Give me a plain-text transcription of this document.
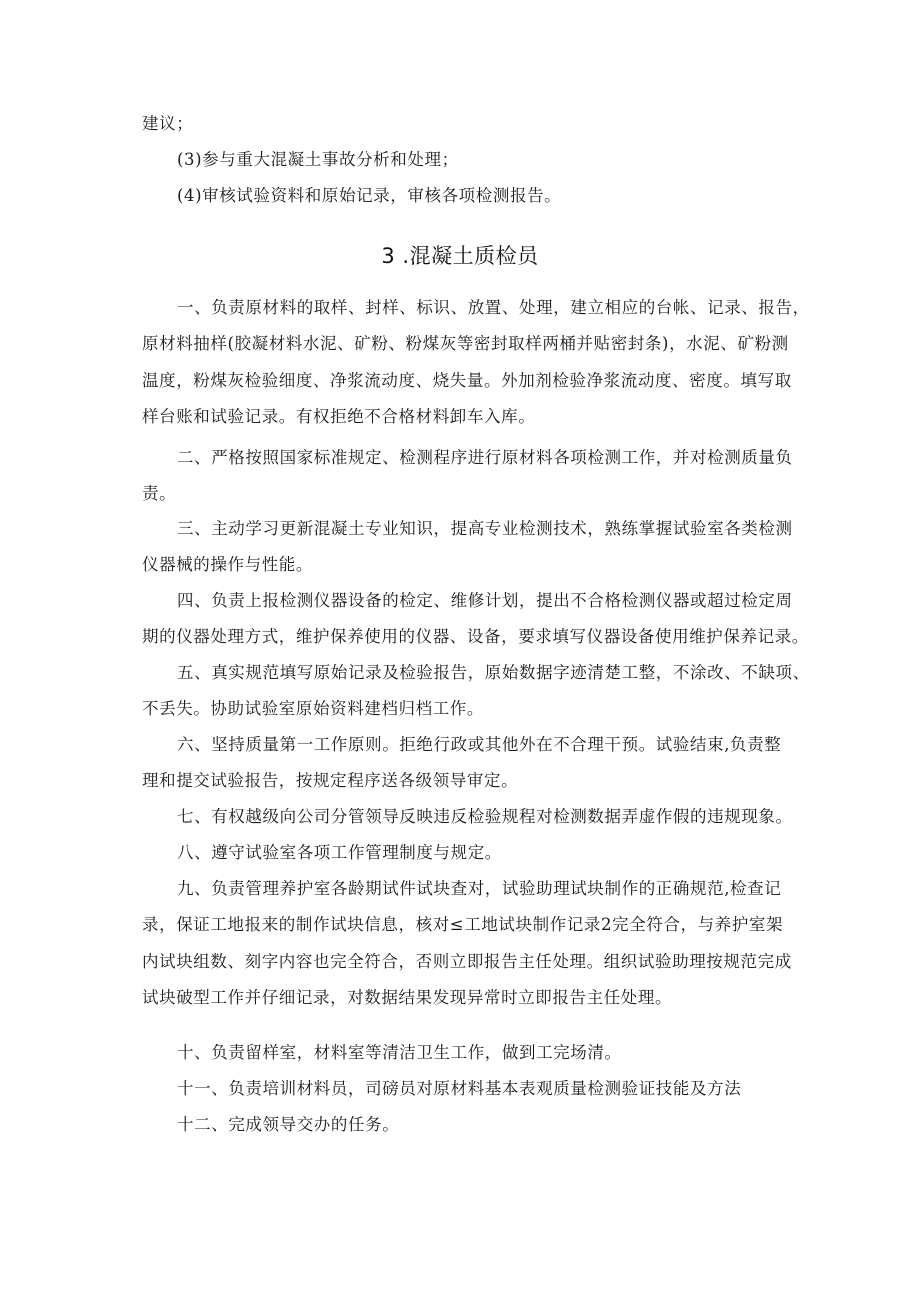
建议；
(3)参与重大混凝土事故分析和处理；
(4)审核试验资料和原始记录，审核各项检测报告。
3 .混凝土质检员
一、负责原材料的取样、封样、标识、放置、处理，建立相应的台帐、记录、报告，
原材料抽样(胶凝材料水泥、矿粉、粉煤灰等密封取样两桶并贴密封条)，水泥、矿粉测
温度，粉煤灰检验细度、净浆流动度、烧失量。外加剂检验净浆流动度、密度。填写取
样台账和试验记录。有权拒绝不合格材料卸车入库。
二、严格按照国家标准规定、检测程序进行原材料各项检测工作，并对检测质量负
责。
三、主动学习更新混凝土专业知识，提高专业检测技术，熟练掌握试验室各类检测
仪器械的操作与性能。
四、负责上报检测仪器设备的检定、维修计划，提出不合格检测仪器或超过检定周
期的仪器处理方式，维护保养使用的仪器、设备，要求填写仪器设备使用维护保养记录。
五、真实规范填写原始记录及检验报告，原始数据字迹清楚工整，不涂改、不缺项、
不丢失。协助试验室原始资料建档归档工作。
六、坚持质量第一工作原则。拒绝行政或其他外在不合理干预。试验结束,负责整
理和提交试验报告，按规定程序送各级领导审定。
七、有权越级向公司分管领导反映违反检验规程对检测数据弄虚作假的违规现象。
八、遵守试验室各项工作管理制度与规定。
九、负责管理养护室各龄期试件试块查对，试验助理试块制作的正确规范,检查记
录，保证工地报来的制作试块信息，核对≤工地试块制作记录2完全符合，与养护室架
内试块组数、刻字内容也完全符合，否则立即报告主任处理。组织试验助理按规范完成
试块破型工作并仔细记录，对数据结果发现异常时立即报告主任处理。
十、负责留样室，材料室等清洁卫生工作，做到工完场清。
十一、负责培训材料员，司磅员对原材料基本表观质量检测验证技能及方法
十二、完成领导交办的任务。
